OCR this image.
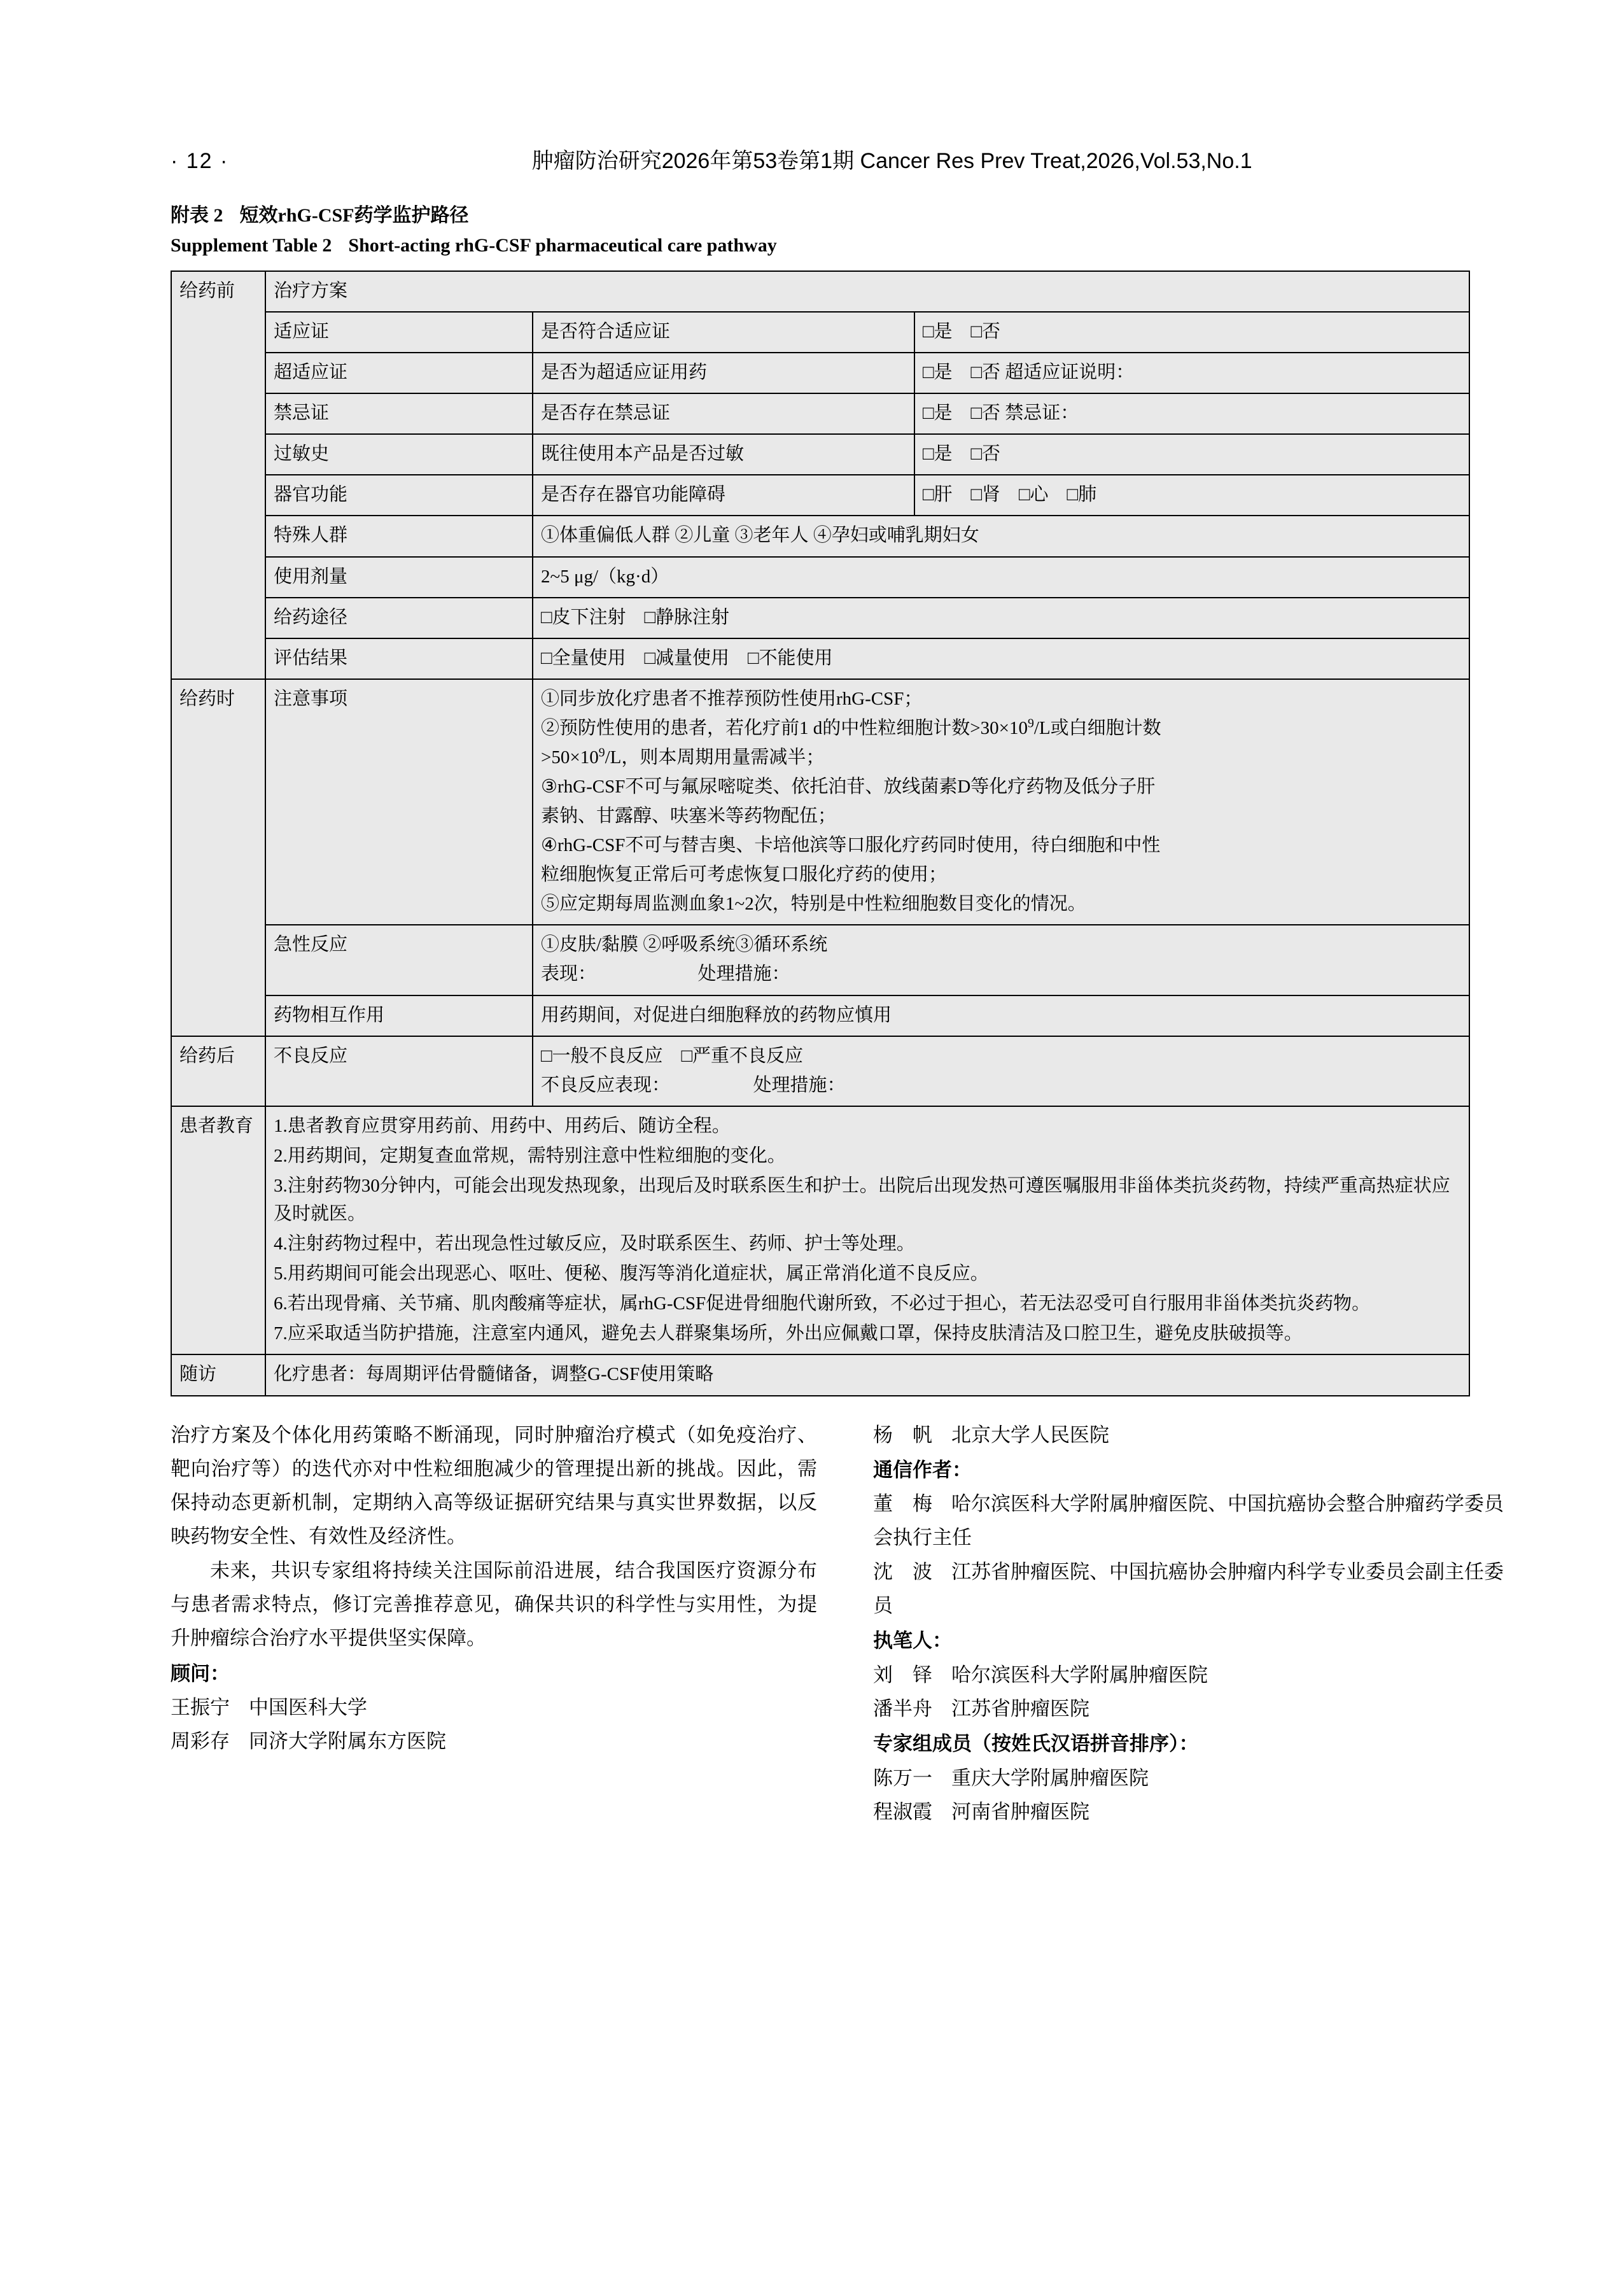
· 12 ·	肿瘤防治研究2026年第53卷第1期 Cancer Res Prev Treat,2026,Vol.53,No.1
附表 2 短效rhG-CSF药学监护路径
Supplement Table 2 Short-acting rhG-CSF pharmaceutical care pathway
给药前	治疗方案		
	适应证	是否符合适应证	□是　□否
	超适应证	是否为超适应证用药	□是　□否 超适应证说明：
	禁忌证	是否存在禁忌证	□是　□否 禁忌证：
	过敏史	既往使用本产品是否过敏	□是　□否
	器官功能	是否存在器官功能障碍	□肝　□肾　□心　□肺
	特殊人群	①体重偏低人群 ②儿童 ③老年人 ④孕妇或哺乳期妇女	
	使用剂量	2~5 μg/（kg·d）	
	给药途径	□皮下注射　□静脉注射	
	评估结果	□全量使用　□减量使用　□不能使用	
给药时	注意事项	①同步放化疗患者不推荐预防性使用rhG-CSF；

②预防性使用的患者，若化疗前1 d的中性粒细胞计数$>30\times 10^9/L$或白细胞计数

$>50\times 10^9/L$，则本周期用量需减半；

③rhG-CSF不可与氟尿嘧啶类、依托泊苷、放线菌素D等化疗药物及低分子肝

素钠、甘露醇、呋塞米等药物配伍；

④rhG-CSF不可与替吉奥、卡培他滨等口服化疗药同时使用，待白细胞和中性

粒细胞恢复正常后可考虑恢复口服化疗药的使用；

⑤应定期每周监测血象1~2次，特别是中性粒细胞数目变化的情况。

	急性反应	①皮肤/黏膜 ②呼吸系统③循环系统

表现：　　　　　　处理措施：	

	药物相互作用	用药期间，对促进白细胞释放的药物应慎用	
给药后	不良反应	□一般不良反应　□严重不良反应

不良反应表现：　　　　　处理措施：	

患者教育	1.患者教育应贯穿用药前、用药中、用药后、随访全程。

2.用药期间，定期复查血常规，需特别注意中性粒细胞的变化。

3.注射药物30分钟内，可能会出现发热现象，出现后及时联系医生和护士。出院后出现发热可遵医嘱服用非甾体类抗炎药物，持续严重高热症状应及时就医。

4.注射药物过程中，若出现急性过敏反应，及时联系医生、药师、护士等处理。

5.用药期间可能会出现恶心、呕吐、便秘、腹泻等消化道症状，属正常消化道不良反应。

6.若出现骨痛、关节痛、肌肉酸痛等症状，属rhG-CSF促进骨细胞代谢所致，不必过于担心，若无法忍受可自行服用非甾体类抗炎药物。

7.应采取适当防护措施，注意室内通风，避免去人群聚集场所，外出应佩戴口罩，保持皮肤清洁及口腔卫生，避免皮肤破损等。

随访	化疗患者：每周期评估骨髓储备，调整G-CSF使用策略		

治疗方案及个体化用药策略不断涌现，同时肿瘤治疗模式（如免疫治疗、靶向治疗等）的迭代亦对中性粒细胞减少的管理提出新的挑战。因此，需保持动态更新机制，定期纳入高等级证据研究结果与真实世界数据，以反映药物安全性、有效性及经济性。

未来，共识专家组将持续关注国际前沿进展，结合我国医疗资源分布与患者需求特点，修订完善推荐意见，确保共识的科学性与实用性，为提升肿瘤综合治疗水平提供坚实保障。

顾问：
王振宁 中国医科大学
周彩存 同济大学附属东方医院
杨　帆 北京大学人民医院
通信作者：
董　梅 哈尔滨医科大学附属肿瘤医院、中国抗癌协会整合肿瘤药学委员会执行主任
沈　波 江苏省肿瘤医院、中国抗癌协会肿瘤内科学专业委员会副主任委员
执笔人：
刘　铎 哈尔滨医科大学附属肿瘤医院
潘半舟 江苏省肿瘤医院
专家组成员（按姓氏汉语拼音排序）：
陈万一 重庆大学附属肿瘤医院
程淑霞 河南省肿瘤医院
